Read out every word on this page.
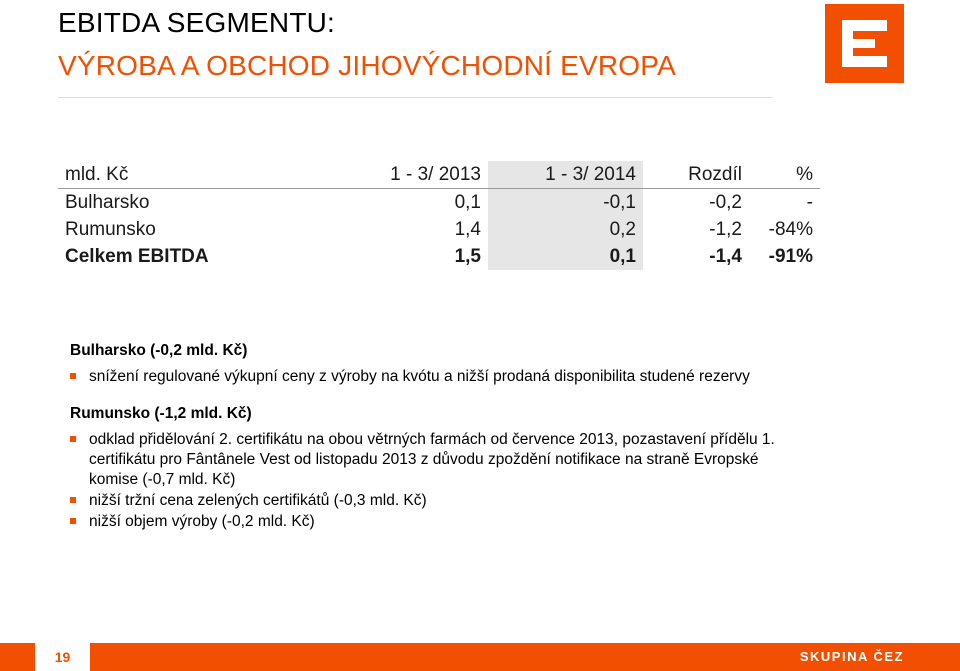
EBITDA SEGMENTU:
VÝROBA A OBCHOD JIHOVÝCHODNÍ EVROPA
mld. Kč	1 - 3/ 2013	1 - 3/ 2014	Rozdíl	%
Bulharsko	0,1	-0,1	-0,2	-
Rumunsko	1,4	0,2	-1,2	-84%
Celkem EBITDA	1,5	0,1	-1,4	-91%
Bulharsko (-0,2 mld. Kč)
snížení regulované výkupní ceny z výroby na kvótu a nižší prodaná disponibilita studené rezervy
Rumunsko (-1,2 mld. Kč)
odklad přidělování 2. certifikátu na obou větrných farmách od července 2013, pozastavení přídělu 1. certifikátu pro Fântânele Vest od listopadu 2013 z důvodu zpoždění notifikace na straně Evropské komise (-0,7 mld. Kč)
nižší tržní cena zelených certifikátů (-0,3 mld. Kč)
nižší objem výroby (-0,2 mld. Kč)
19	SKUPINA ČEZ
